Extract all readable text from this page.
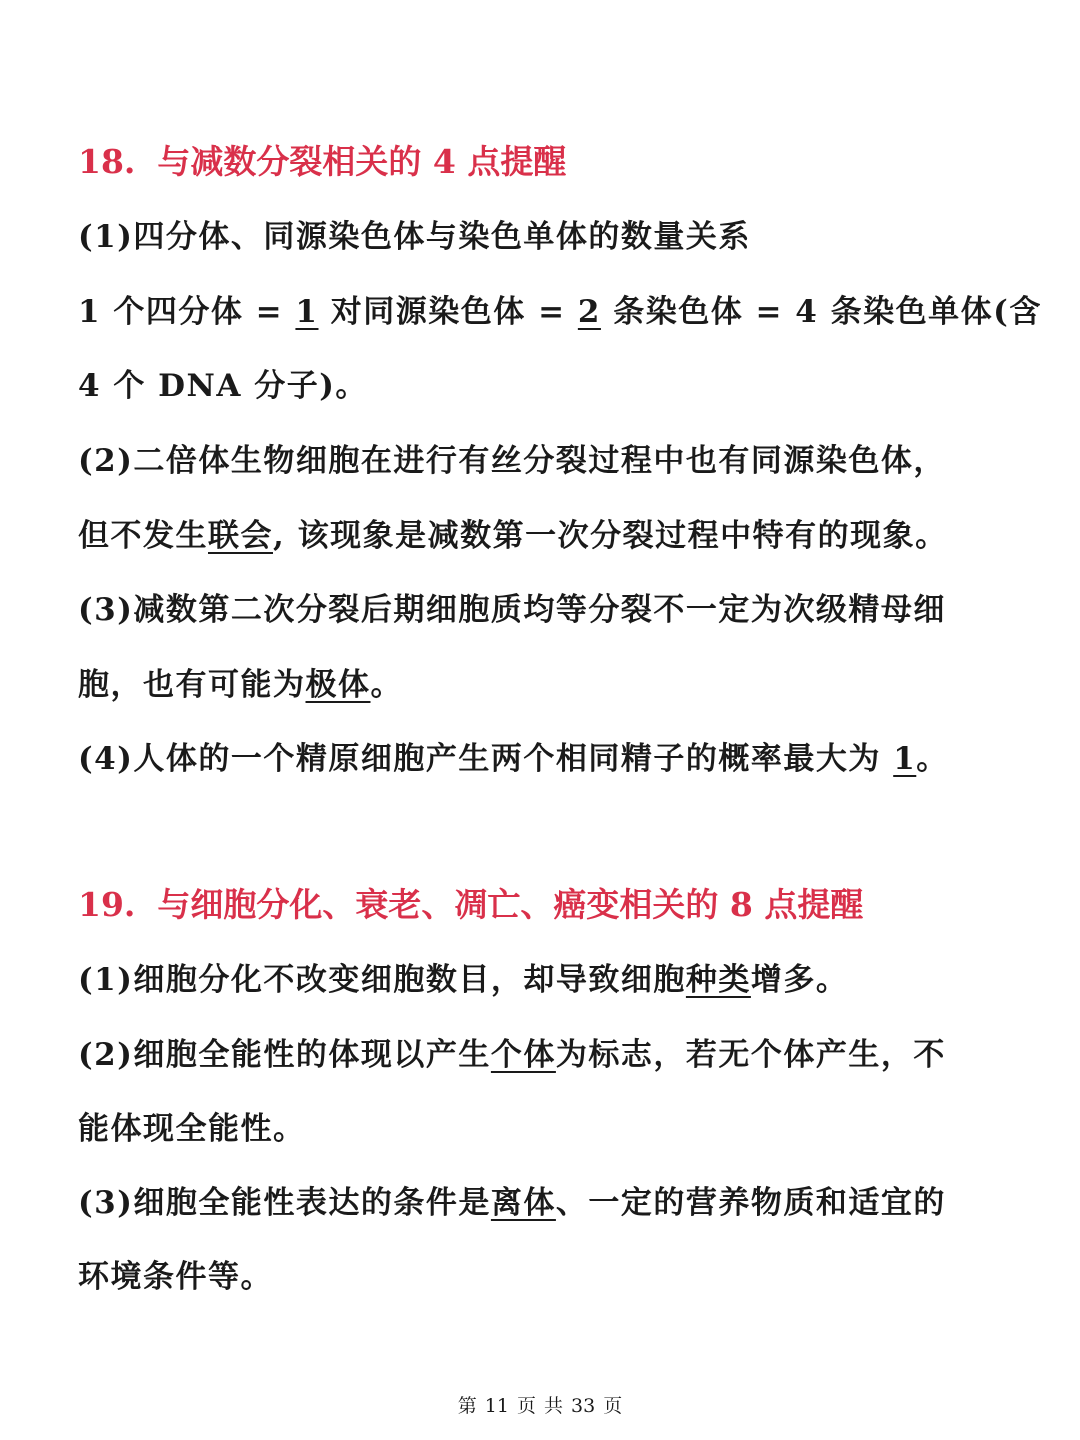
18. 与减数分裂相关的 4 点提醒
(1)四分体、同源染色体与染色单体的数量关系
1 个四分体 = 1 对同源染色体 = 2 条染色体 = 4 条染色单体(含
4 个 DNA 分子)。
(2)二倍体生物细胞在进行有丝分裂过程中也有同源染色体，
但不发生联会, 该现象是减数第一次分裂过程中特有的现象。
(3)减数第二次分裂后期细胞质均等分裂不一定为次级精母细
胞，也有可能为极体。
(4)人体的一个精原细胞产生两个相同精子的概率最大为 1。
19. 与细胞分化、衰老、凋亡、癌变相关的 8 点提醒
(1)细胞分化不改变细胞数目，却导致细胞种类增多。
(2)细胞全能性的体现以产生个体为标志，若无个体产生，不
能体现全能性。
(3)细胞全能性表达的条件是离体、一定的营养物质和适宜的
环境条件等。
第 11 页 共 33 页
